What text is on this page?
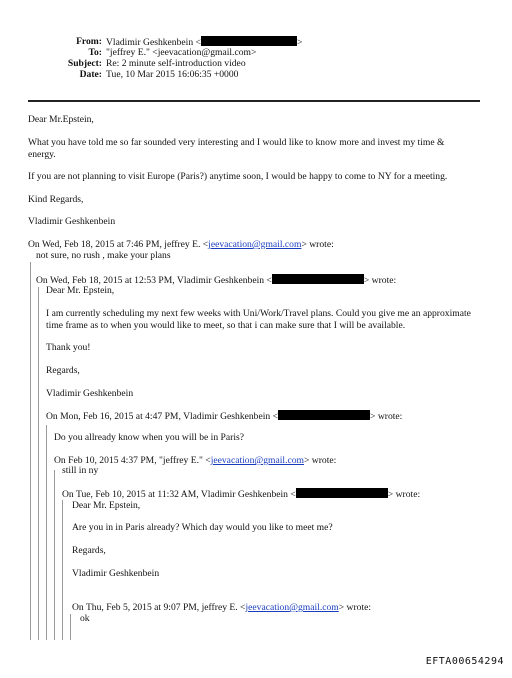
From: Vladimir Geshkenbein <	>
To: "jeffrey E." <jeevacation@gmail.com>
Subject: Re: 2 minute self-introduction video
Date: Tue, 10 Mar 2015 16:06:35 +0000
Dear Mr.Epstein,
What you have told me so far sounded very interesting and I would like to know more and invest my time & energy.
If you are not planning to visit Europe (Paris?) anytime soon, I would be happy to come to NY for a meeting.
Kind Regards,
Vladimir Geshkenbein
On Wed, Feb 18, 2015 at 7:46 PM, jeffrey E. <jeevacation@gmail.com> wrote:
not sure, no rush , make your plans
On Wed, Feb 18, 2015 at 12:53 PM, Vladimir Geshkenbein <	> wrote:
Dear Mr. Epstein,
I am currently scheduling my next few weeks with Uni/Work/Travel plans. Could you give me an approximate time frame as to when you would like to meet, so that i can make sure that I will be available.
Thank you!
Regards,
Vladimir Geshkenbein
On Mon, Feb 16, 2015 at 4:47 PM, Vladimir Geshkenbein <	> wrote:
Do you allready know when you will be in Paris?
On Feb 10, 2015 4:37 PM, "jeffrey E." <jeevacation@gmail.com> wrote:
still in ny
On Tue, Feb 10, 2015 at 11:32 AM, Vladimir Geshkenbein <	> wrote:
Dear Mr. Epstein,
Are you in in Paris already? Which day would you like to meet me?
Regards,
Vladimir Geshkenbein
On Thu, Feb 5, 2015 at 9:07 PM, jeffrey E. <jeevacation@gmail.com> wrote:
ok
EFTA00654294
